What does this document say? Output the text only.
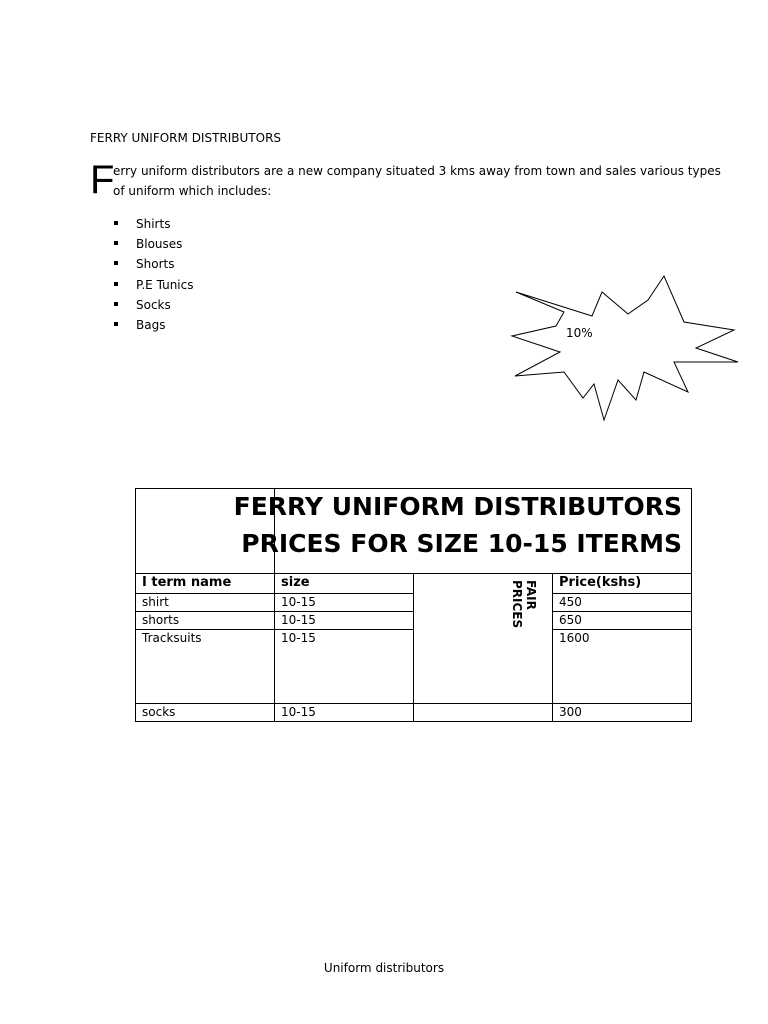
FERRY UNIFORM DISTRIBUTORS
F
erry uniform distributors are a new company situated 3 kms away from town and sales various types
of uniform which includes:
Shirts
Blouses
Shorts
P.E Tunics
Socks
Bags
10%
FERRY UNIFORM DISTRIBUTORS
PRICES FOR SIZE 10-15 ITERMS
I term name	size	Price(kshs)
FAIR
PRICES
shirt	10-15	450
shorts	10-15	650
Tracksuits	10-15	1600
socks	10-15	300
Uniform distributors
